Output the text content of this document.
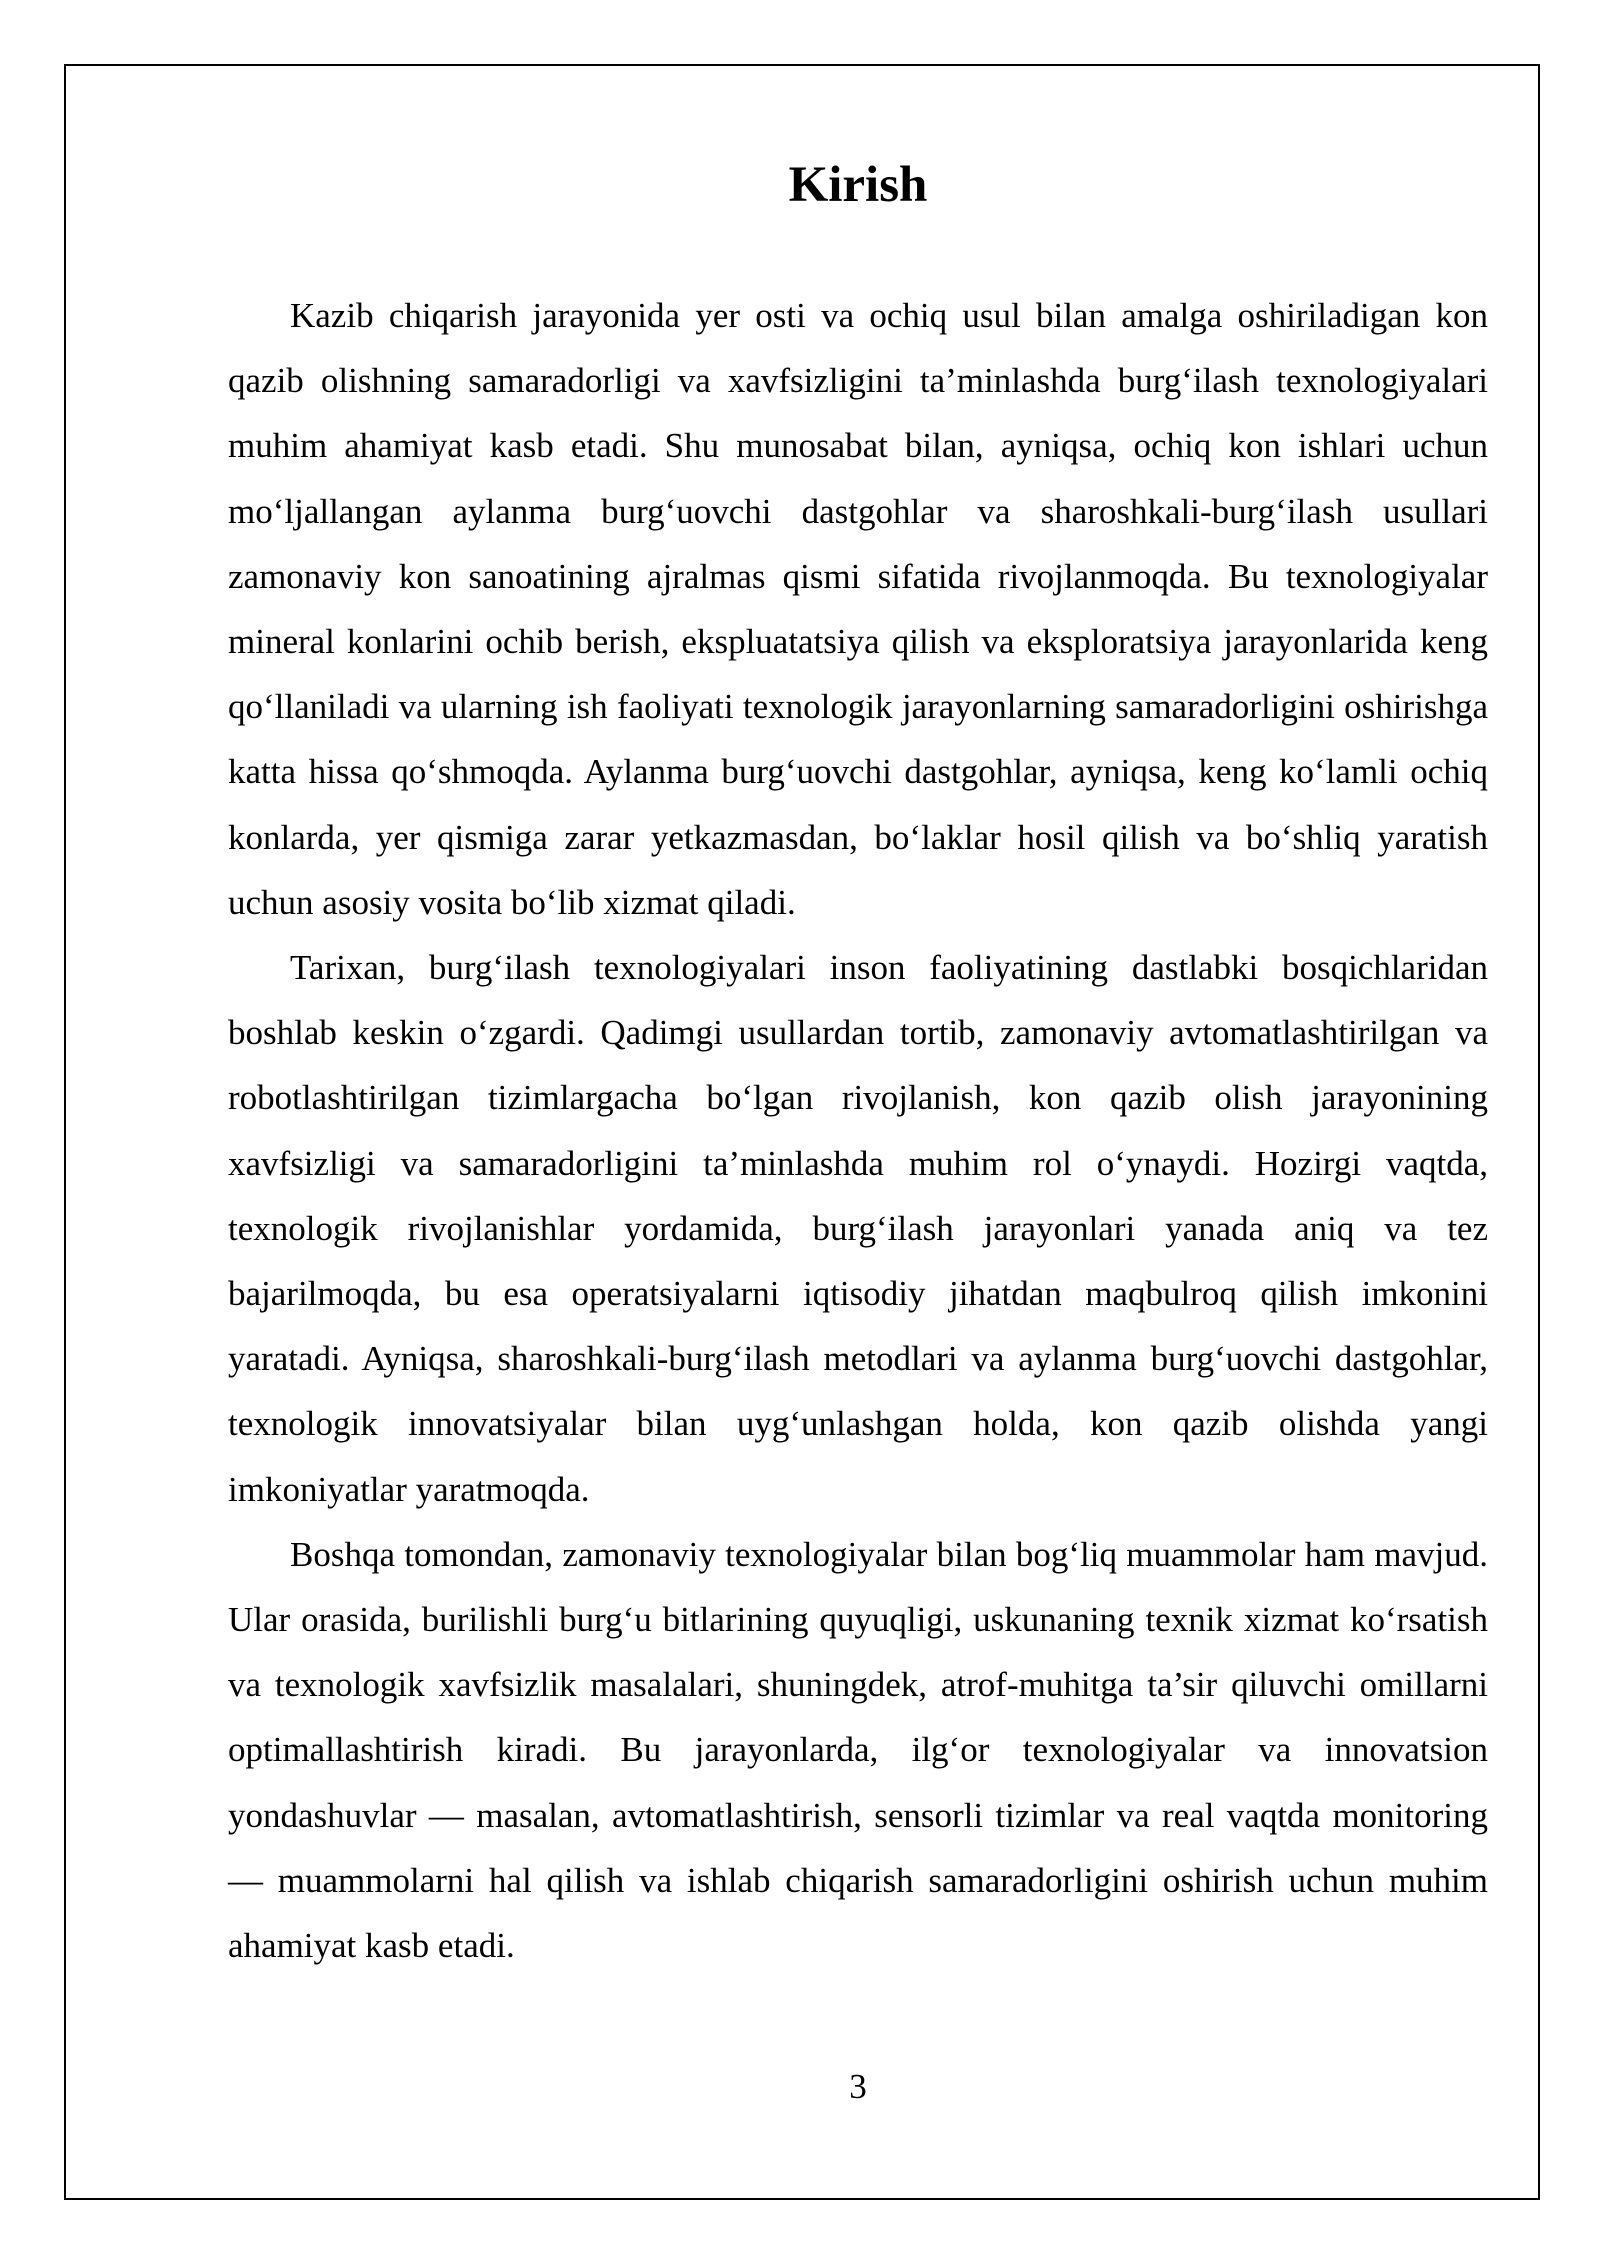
Kirish

Kazib chiqarish jarayonida yer osti va ochiq usul bilan amalga oshiriladigan kon qazib olishning samaradorligi va xavfsizligini ta’minlashda burg‘ilash texnologiyalari muhim ahamiyat kasb etadi. Shu munosabat bilan, ayniqsa, ochiq kon ishlari uchun mo‘ljallangan aylanma burg‘uovchi dastgohlar va sharoshkali-burg‘ilash usullari zamonaviy kon sanoatining ajralmas qismi sifatida rivojlanmoqda. Bu texnologiyalar mineral konlarini ochib berish, ekspluatatsiya qilish va eksploratsiya jarayonlarida keng qo‘llaniladi va ularning ish faoliyati texnologik jarayonlarning samaradorligini oshirishga katta hissa qo‘shmoqda. Aylanma burg‘uovchi dastgohlar, ayniqsa, keng ko‘lamli ochiq konlarda, yer qismiga zarar yetkazmasdan, bo‘laklar hosil qilish va bo‘shliq yaratish uchun asosiy vosita bo‘lib xizmat qiladi.

Tarixan, burg‘ilash texnologiyalari inson faoliyatining dastlabki bosqichlaridan boshlab keskin o‘zgardi. Qadimgi usullardan tortib, zamonaviy avtomatlashtirilgan va robotlashtirilgan tizimlargacha bo‘lgan rivojlanish, kon qazib olish jarayonining xavfsizligi va samaradorligini ta’minlashda muhim rol o‘ynaydi. Hozirgi vaqtda, texnologik rivojlanishlar yordamida, burg‘ilash jarayonlari yanada aniq va tez bajarilmoqda, bu esa operatsiyalarni iqtisodiy jihatdan maqbulroq qilish imkonini yaratadi. Ayniqsa, sharoshkali-burg‘ilash metodlari va aylanma burg‘uovchi dastgohlar, texnologik innovatsiyalar bilan uyg‘unlashgan holda, kon qazib olishda yangi imkoniyatlar yaratmoqda.

Boshqa tomondan, zamonaviy texnologiyalar bilan bog‘liq muammolar ham mavjud. Ular orasida, burilishli burg‘u bitlarining quyuqligi, uskunaning texnik xizmat ko‘rsatish va texnologik xavfsizlik masalalari, shuningdek, atrof-muhitga ta’sir qiluvchi omillarni optimallashtirish kiradi. Bu jarayonlarda, ilg‘or texnologiyalar va innovatsion yondashuvlar — masalan, avtomatlashtirish, sensorli tizimlar va real vaqtda monitoring — muammolarni hal qilish va ishlab chiqarish samaradorligini oshirish uchun muhim ahamiyat kasb etadi.

3
